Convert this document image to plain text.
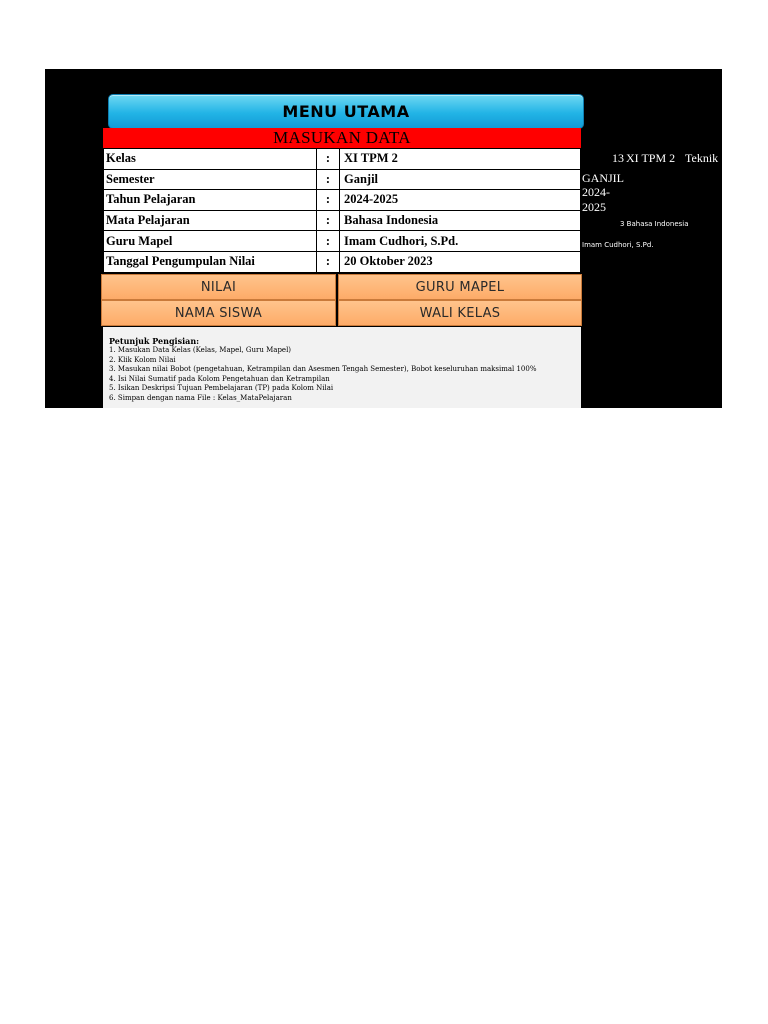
MENU UTAMA
MASUKAN DATA
Kelas	:	XI TPM 2
Semester	:	Ganjil
Tahun Pelajaran	:	2024-2025
Mata Pelajaran	:	Bahasa Indonesia
Guru Mapel	:	Imam Cudhori, S.Pd.
Tanggal Pengumpulan Nilai	:	20 Oktober 2023
NILAI	GURU MAPEL
NAMA SISWA	WALI KELAS
Petunjuk Pengisian:
1. Masukan Data Kelas (Kelas, Mapel, Guru Mapel)
2. Klik Kolom Nilai
3. Masukan nilai Bobot (pengetahuan, Ketrampilan dan Asesmen Tengah Semester), Bobot keseluruhan maksimal 100%
4. Isi Nilai Sumatif pada Kolom Pengetahuan dan Ketrampilan
5. Isikan Deskripsi Tujuan Pembelajaran (TP) pada Kolom Nilai
6. Simpan dengan nama File : Kelas_MataPelajaran
13 XI TPM 2 Teknik
GANJIL
2024-
2025
3 Bahasa Indonesia
Imam Cudhori, S.Pd.
